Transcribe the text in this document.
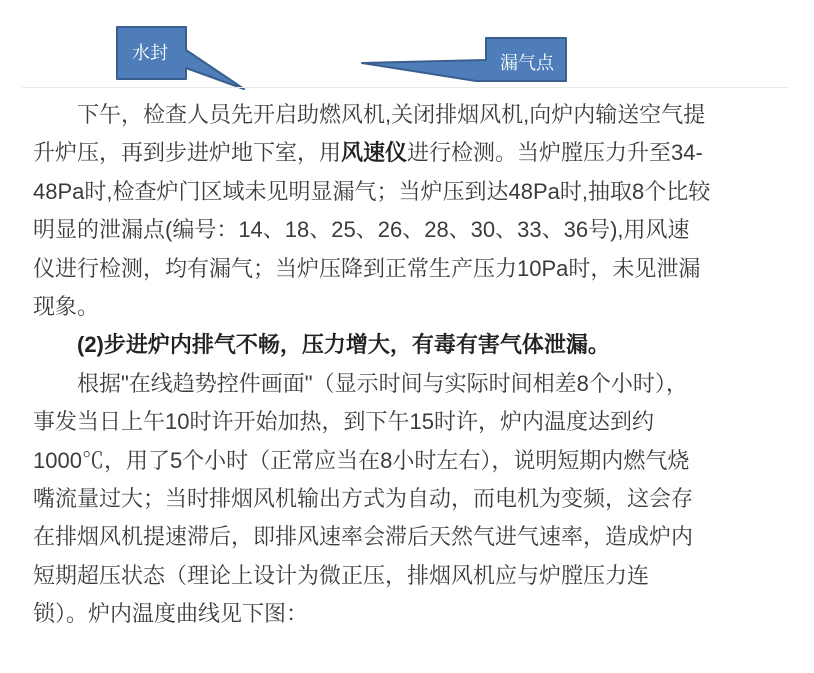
水封	漏气点
下午，检查人员先开启助燃风机,关闭排烟风机,向炉内输送空气提
升炉压，再到步进炉地下室，用风速仪进行检测。当炉膛压力升至34-
48Pa时,检查炉门区域未见明显漏气；当炉压到达48Pa时,抽取8个比较
明显的泄漏点(编号：14、18、25、26、28、30、33、36号),用风速
仪进行检测，均有漏气；当炉压降到正常生产压力10Pa时，未见泄漏
现象。
(2)步进炉内排气不畅，压力增大，有毒有害气体泄漏。
根据"在线趋势控件画面"（显示时间与实际时间相差8个小时），
事发当日上午10时许开始加热，到下午15时许，炉内温度达到约
1000℃，用了5个小时（正常应当在8小时左右），说明短期内燃气烧
嘴流量过大；当时排烟风机输出方式为自动，而电机为变频，这会存
在排烟风机提速滞后，即排风速率会滞后天然气进气速率，造成炉内
短期超压状态（理论上设计为微正压，排烟风机应与炉膛压力连
锁）。炉内温度曲线见下图：
